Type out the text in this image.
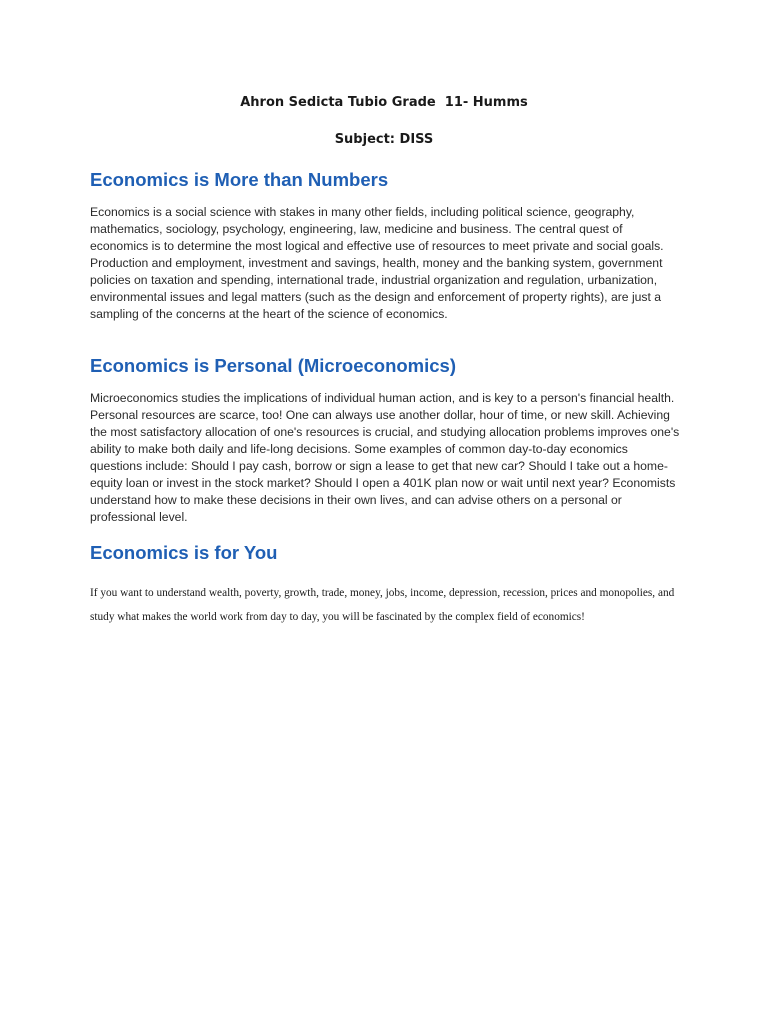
Ahron Sedicta Tubio Grade  11- Humms
Subject: DISS
Economics is More than Numbers

Economics is a social science with stakes in many other fields, including political science, geography, mathematics, sociology, psychology, engineering, law, medicine and business. The central quest of economics is to determine the most logical and effective use of resources to meet private and social goals. Production and employment, investment and savings, health, money and the banking system, government policies on taxation and spending, international trade, industrial organization and regulation, urbanization, environmental issues and legal matters (such as the design and enforcement of property rights), are just a sampling of the concerns at the heart of the science of economics.

Economics is Personal (Microeconomics)

Microeconomics studies the implications of individual human action, and is key to a person's financial health. Personal resources are scarce, too! One can always use another dollar, hour of time, or new skill. Achieving the most satisfactory allocation of one's resources is crucial, and studying allocation problems improves one's ability to make both daily and life-long decisions. Some examples of common day-to-day economics questions include: Should I pay cash, borrow or sign a lease to get that new car? Should I take out a home-equity loan or invest in the stock market? Should I open a 401K plan now or wait until next year? Economists understand how to make these decisions in their own lives, and can advise others on a personal or professional level.

Economics is for You

If you want to understand wealth, poverty, growth, trade, money, jobs, income, depression, recession, prices and monopolies, and study what makes the world work from day to day, you will be fascinated by the complex field of economics!
